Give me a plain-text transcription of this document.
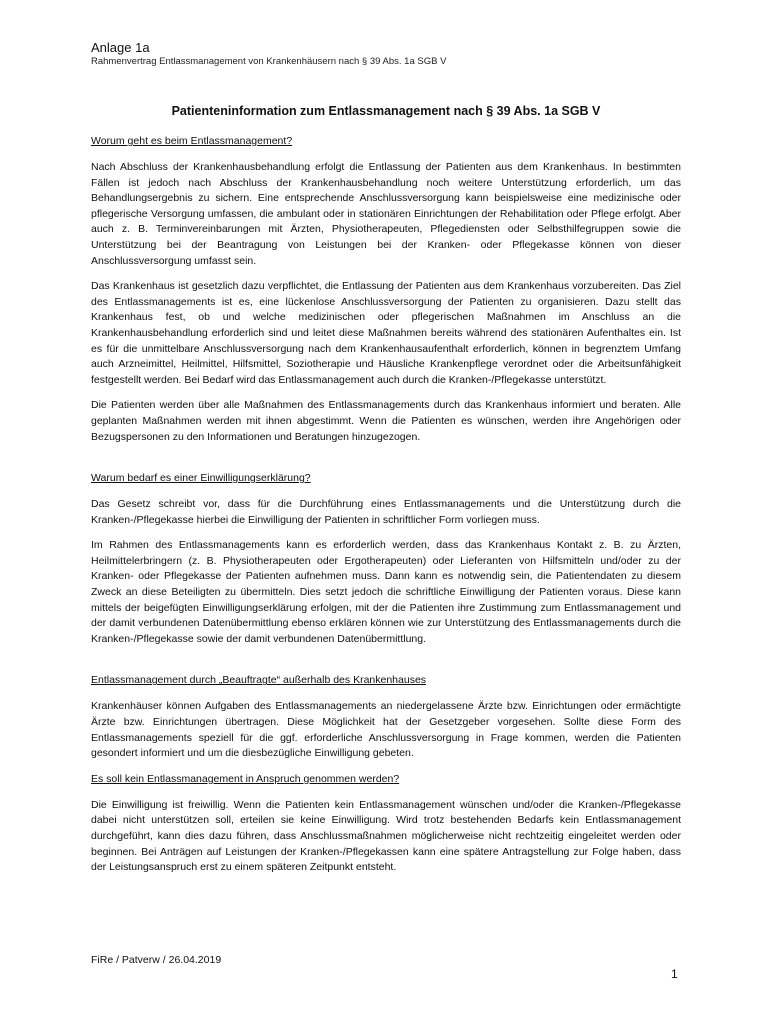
Anlage 1a
Rahmenvertrag Entlassmanagement von Krankenhäusern nach § 39 Abs. 1a SGB V
Patienteninformation zum Entlassmanagement nach § 39 Abs. 1a SGB V

Worum geht es beim Entlassmanagement?

Nach Abschluss der Krankenhausbehandlung erfolgt die Entlassung der Patienten aus dem Krankenhaus. In bestimmten Fällen ist jedoch nach Abschluss der Krankenhausbehandlung noch weitere Unterstützung erforderlich, um das Behandlungsergebnis zu sichern. Eine entsprechende Anschlussversorgung kann beispielsweise eine medizinische oder pflegerische Versorgung umfassen, die ambulant oder in stationären Einrichtungen der Rehabilitation oder Pflege erfolgt. Aber auch z. B. Terminvereinbarungen mit Ärzten, Physiotherapeuten, Pflegediensten oder Selbsthilfegruppen sowie die Unterstützung bei der Beantragung von Leistungen bei der Kranken- oder Pflegekasse können von dieser Anschlussversorgung umfasst sein.

Das Krankenhaus ist gesetzlich dazu verpflichtet, die Entlassung der Patienten aus dem Krankenhaus vorzubereiten. Das Ziel des Entlassmanagements ist es, eine lückenlose Anschlussversorgung der Patienten zu organisieren. Dazu stellt das Krankenhaus fest, ob und welche medizinischen oder pflegerischen Maßnahmen im Anschluss an die Krankenhausbehandlung erforderlich sind und leitet diese Maßnahmen bereits während des stationären Aufenthaltes ein. Ist es für die unmittelbare Anschlussversorgung nach dem Krankenhausaufenthalt erforderlich, können in begrenztem Umfang auch Arzneimittel, Heilmittel, Hilfsmittel, Soziotherapie und Häusliche Krankenpflege verordnet oder die Arbeitsunfähigkeit festgestellt werden. Bei Bedarf wird das Entlassmanagement auch durch die Kranken-/Pflegekasse unterstützt.

Die Patienten werden über alle Maßnahmen des Entlassmanagements durch das Krankenhaus informiert und beraten. Alle geplanten Maßnahmen werden mit ihnen abgestimmt. Wenn die Patienten es wünschen, werden ihre Angehörigen oder Bezugspersonen zu den Informationen und Beratungen hinzugezogen.

Warum bedarf es einer Einwilligungserklärung?

Das Gesetz schreibt vor, dass für die Durchführung eines Entlassmanagements und die Unterstützung durch die Kranken-/Pflegekasse hierbei die Einwilligung der Patienten in schriftlicher Form vorliegen muss.

Im Rahmen des Entlassmanagements kann es erforderlich werden, dass das Krankenhaus Kontakt z. B. zu Ärzten, Heilmittelerbringern (z. B. Physiotherapeuten oder Ergotherapeuten) oder Lieferanten von Hilfsmitteln und/oder zu der Kranken- oder Pflegekasse der Patienten aufnehmen muss. Dann kann es notwendig sein, die Patientendaten zu diesem Zweck an diese Beteiligten zu übermitteln. Dies setzt jedoch die schriftliche Einwilligung der Patienten voraus. Diese kann mittels der beigefügten Einwilligungserklärung erfolgen, mit der die Patienten ihre Zustimmung zum Entlassmanagement und der damit verbundenen Datenübermittlung ebenso erklären können wie zur Unterstützung des Entlassmanagements durch die Kranken-/Pflegekasse sowie der damit verbundenen Datenübermittlung.

Entlassmanagement durch „Beauftragte“ außerhalb des Krankenhauses

Krankenhäuser können Aufgaben des Entlassmanagements an niedergelassene Ärzte bzw. Einrichtungen oder ermächtigte Ärzte bzw. Einrichtungen übertragen. Diese Möglichkeit hat der Gesetzgeber vorgesehen. Sollte diese Form des Entlassmanagements speziell für die ggf. erforderliche Anschlussversorgung in Frage kommen, werden die Patienten gesondert informiert und um die diesbezügliche Einwilligung gebeten.

Es soll kein Entlassmanagement in Anspruch genommen werden?

Die Einwilligung ist freiwillig. Wenn die Patienten kein Entlassmanagement wünschen und/oder die Kranken-/Pflegekasse dabei nicht unterstützen soll, erteilen sie keine Einwilligung. Wird trotz bestehenden Bedarfs kein Entlassmanagement durchgeführt, kann dies dazu führen, dass Anschlussmaßnahmen möglicherweise nicht rechtzeitig eingeleitet werden oder beginnen. Bei Anträgen auf Leistungen der Kranken-/Pflegekassen kann eine spätere Antragstellung zur Folge haben, dass der Leistungsanspruch erst zu einem späteren Zeitpunkt entsteht.

FiRe / Patverw / 26.04.2019
1
